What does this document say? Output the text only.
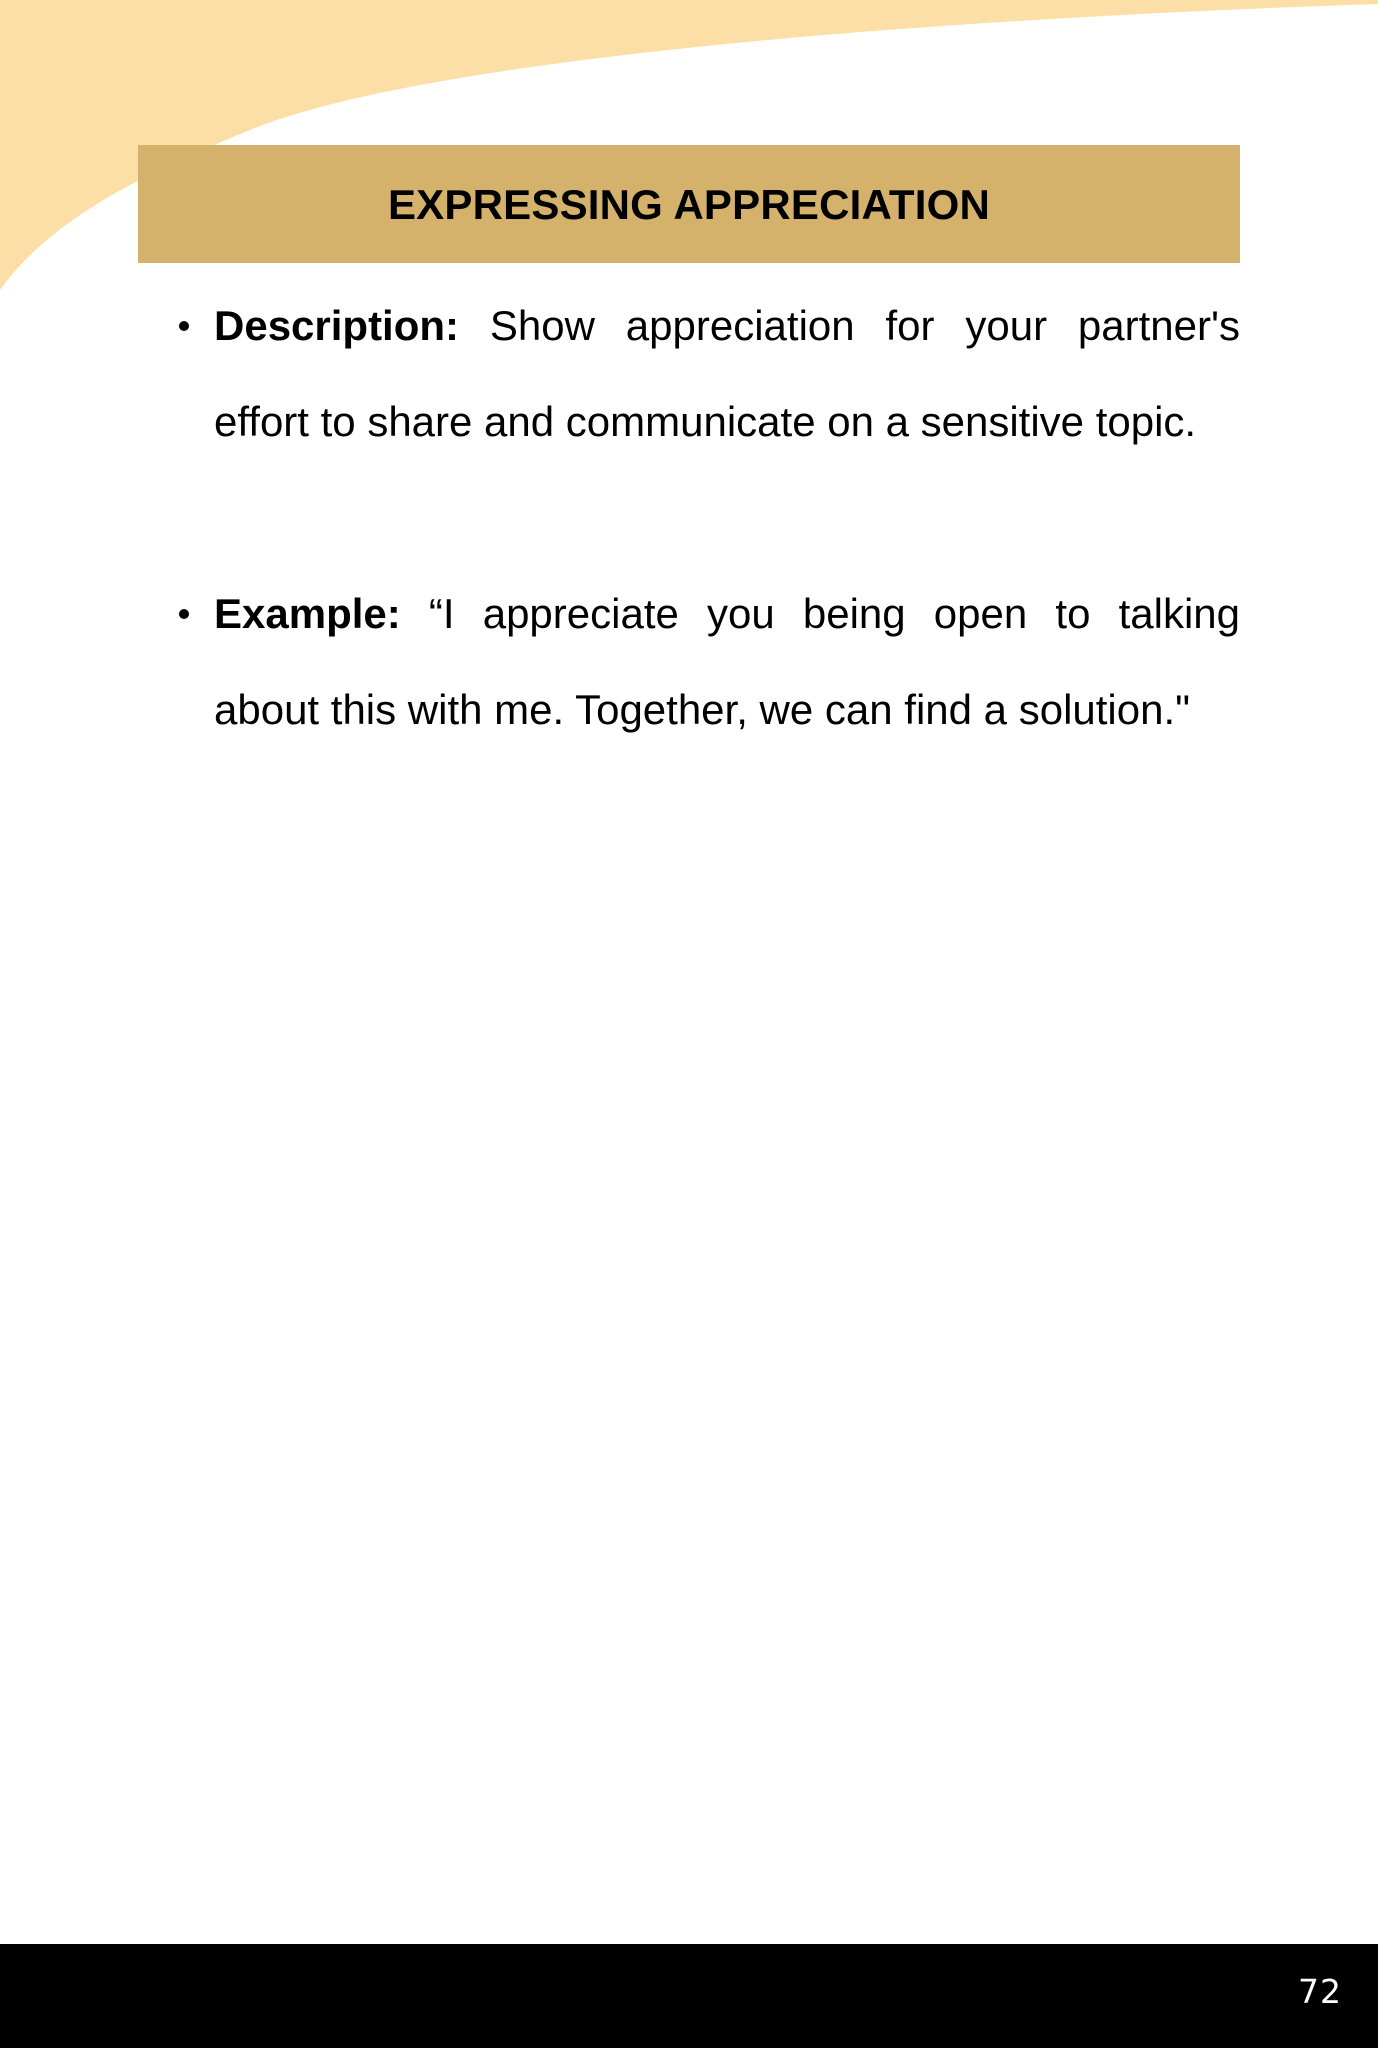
EXPRESSING APPRECIATION
Description: Show appreciation for your partner's effort to share and communicate on a sensitive topic.
Example: “I appreciate you being open to talking about this with me. Together, we can find a solution."
72
